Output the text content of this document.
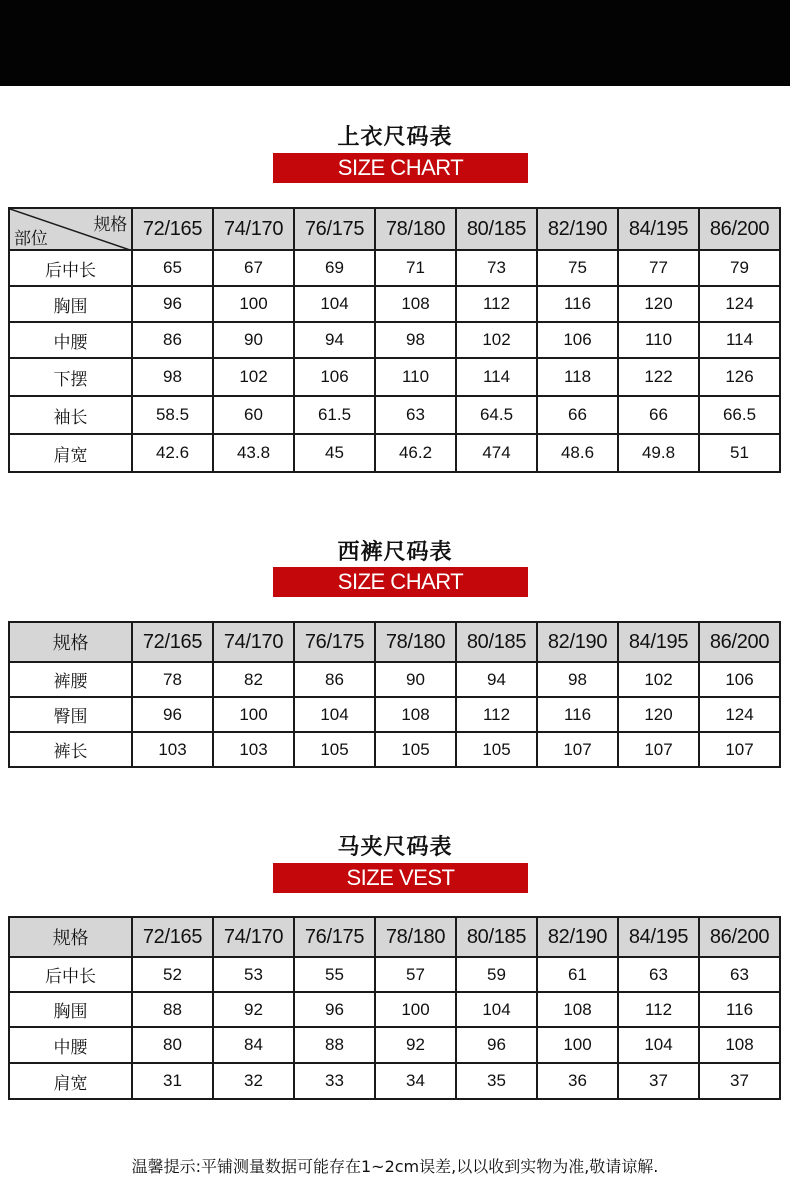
上衣尺码表
SIZE CHART
规格
部位	72/165	74/170	76/175	78/180	80/185	82/190	84/195	86/200
后中长	65	67	69	71	73	75	77	79
胸围	96	100	104	108	112	116	120	124
中腰	86	90	94	98	102	106	110	114
下摆	98	102	106	110	114	118	122	126
袖长	58.5	60	61.5	63	64.5	66	66	66.5
肩宽	42.6	43.8	45	46.2	474	48.6	49.8	51
西裤尺码表
SIZE CHART
规格	72/165	74/170	76/175	78/180	80/185	82/190	84/195	86/200
裤腰	78	82	86	90	94	98	102	106
臀围	96	100	104	108	112	116	120	124
裤长	103	103	105	105	105	107	107	107
马夹尺码表
SIZE VEST
规格	72/165	74/170	76/175	78/180	80/185	82/190	84/195	86/200
后中长	52	53	55	57	59	61	63	63
胸围	88	92	96	100	104	108	112	116
中腰	80	84	88	92	96	100	104	108
肩宽	31	32	33	34	35	36	37	37
温馨提示:平铺测量数据可能存在1~2cm误差,以以收到实物为准,敬请谅解.
